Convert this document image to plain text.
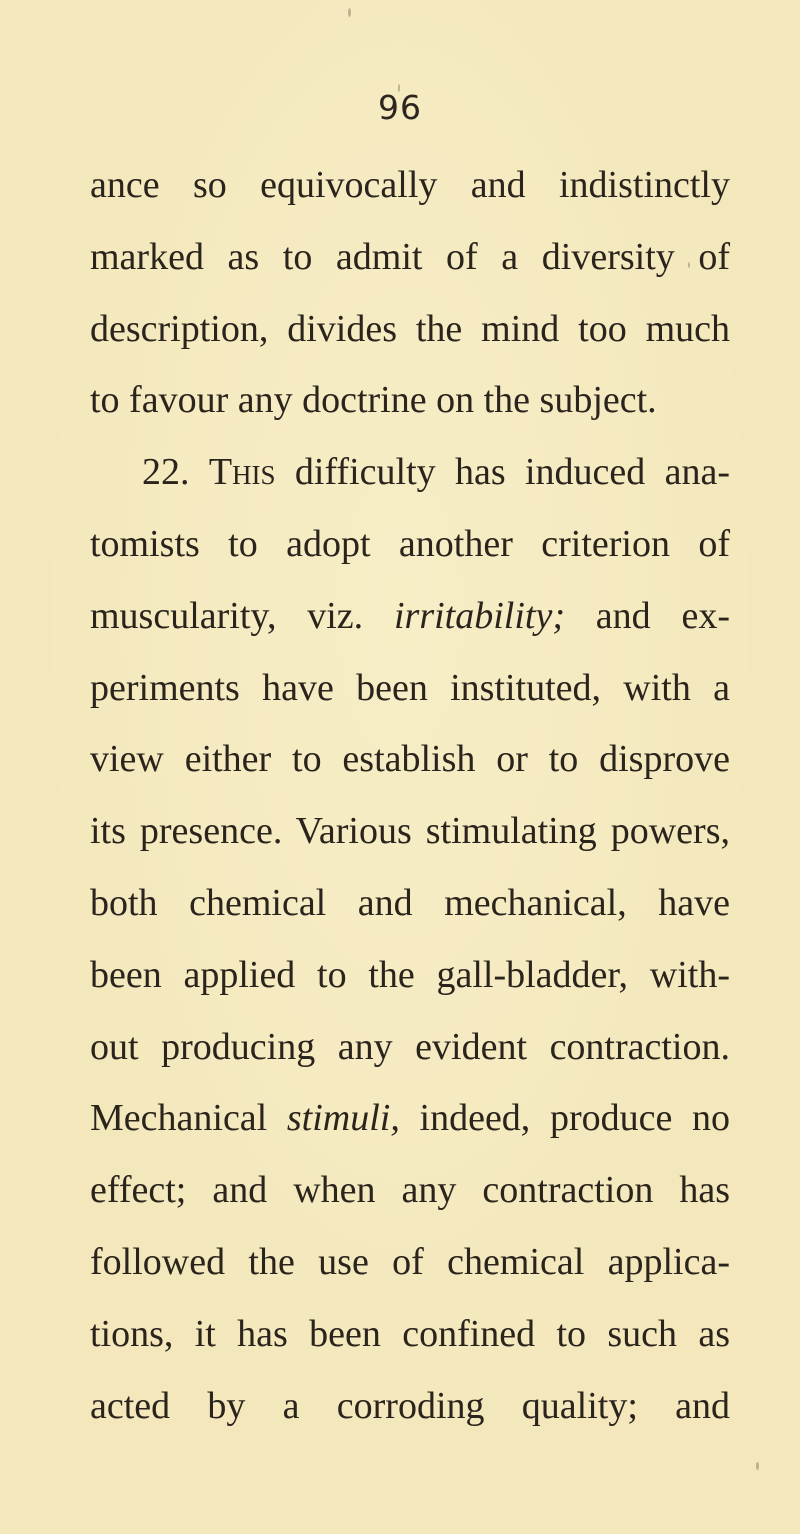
96
ance so equivocally and indistinctly
marked as to admit of a diversity of
description, divides the mind too much
to favour any doctrine on the subject.
22. This difficulty has induced ana-
tomists to adopt another criterion of
muscularity, viz. irritability; and ex-
periments have been instituted, with a
view either to establish or to disprove
its presence. Various stimulating powers,
both chemical and mechanical, have
been applied to the gall-bladder, with-
out producing any evident contraction.
Mechanical stimuli, indeed, produce no
effect; and when any contraction has
followed the use of chemical applica-
tions, it has been confined to such as
acted by a corroding quality; and
